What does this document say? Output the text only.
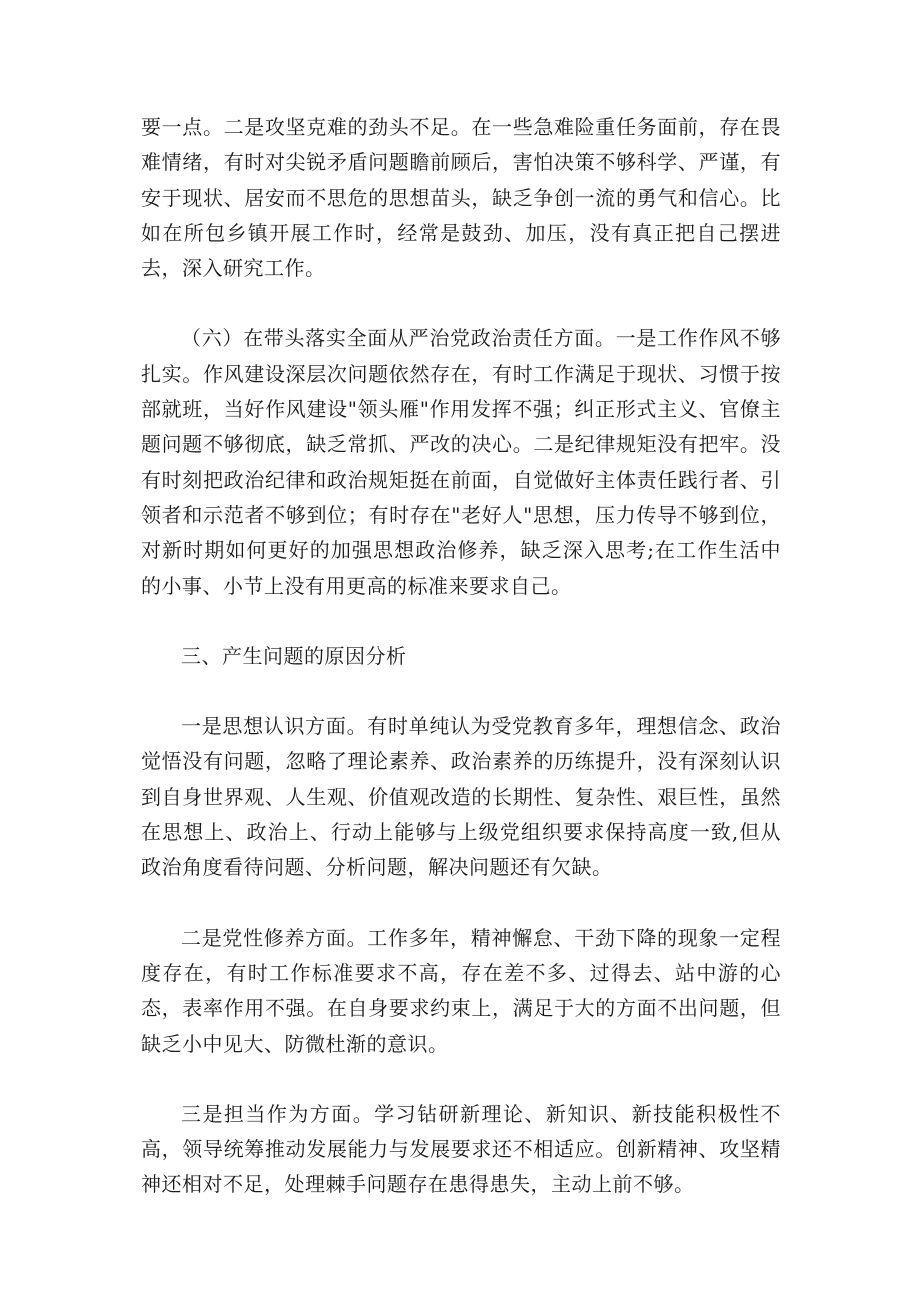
要一点。二是攻坚克难的劲头不足。在一些急难险重任务面前，存在畏难情绪，有时对尖锐矛盾问题瞻前顾后，害怕决策不够科学、严谨，有安于现状、居安而不思危的思想苗头，缺乏争创一流的勇气和信心。比如在所包乡镇开展工作时，经常是鼓劲、加压，没有真正把自己摆进去，深入研究工作。

（六）在带头落实全面从严治党政治责任方面。一是工作作风不够扎实。作风建设深层次问题依然存在，有时工作满足于现状、习惯于按部就班，当好作风建设"领头雁"作用发挥不强；纠正形式主义、官僚主题问题不够彻底，缺乏常抓、严改的决心。二是纪律规矩没有把牢。没有时刻把政治纪律和政治规矩挺在前面，自觉做好主体责任践行者、引领者和示范者不够到位；有时存在"老好人"思想，压力传导不够到位，对新时期如何更好的加强思想政治修养，缺乏深入思考;在工作生活中的小事、小节上没有用更高的标准来要求自己。

三、产生问题的原因分析

一是思想认识方面。有时单纯认为受党教育多年，理想信念、政治觉悟没有问题，忽略了理论素养、政治素养的历练提升，没有深刻认识到自身世界观、人生观、价值观改造的长期性、复杂性、艰巨性，虽然在思想上、政治上、行动上能够与上级党组织要求保持高度一致,但从政治角度看待问题、分析问题，解决问题还有欠缺。

二是党性修养方面。工作多年，精神懈怠、干劲下降的现象一定程度存在，有时工作标准要求不高，存在差不多、过得去、站中游的心态，表率作用不强。在自身要求约束上，满足于大的方面不出问题，但缺乏小中见大、防微杜渐的意识。

三是担当作为方面。学习钻研新理论、新知识、新技能积极性不高，领导统筹推动发展能力与发展要求还不相适应。创新精神、攻坚精神还相对不足，处理棘手问题存在患得患失，主动上前不够。
